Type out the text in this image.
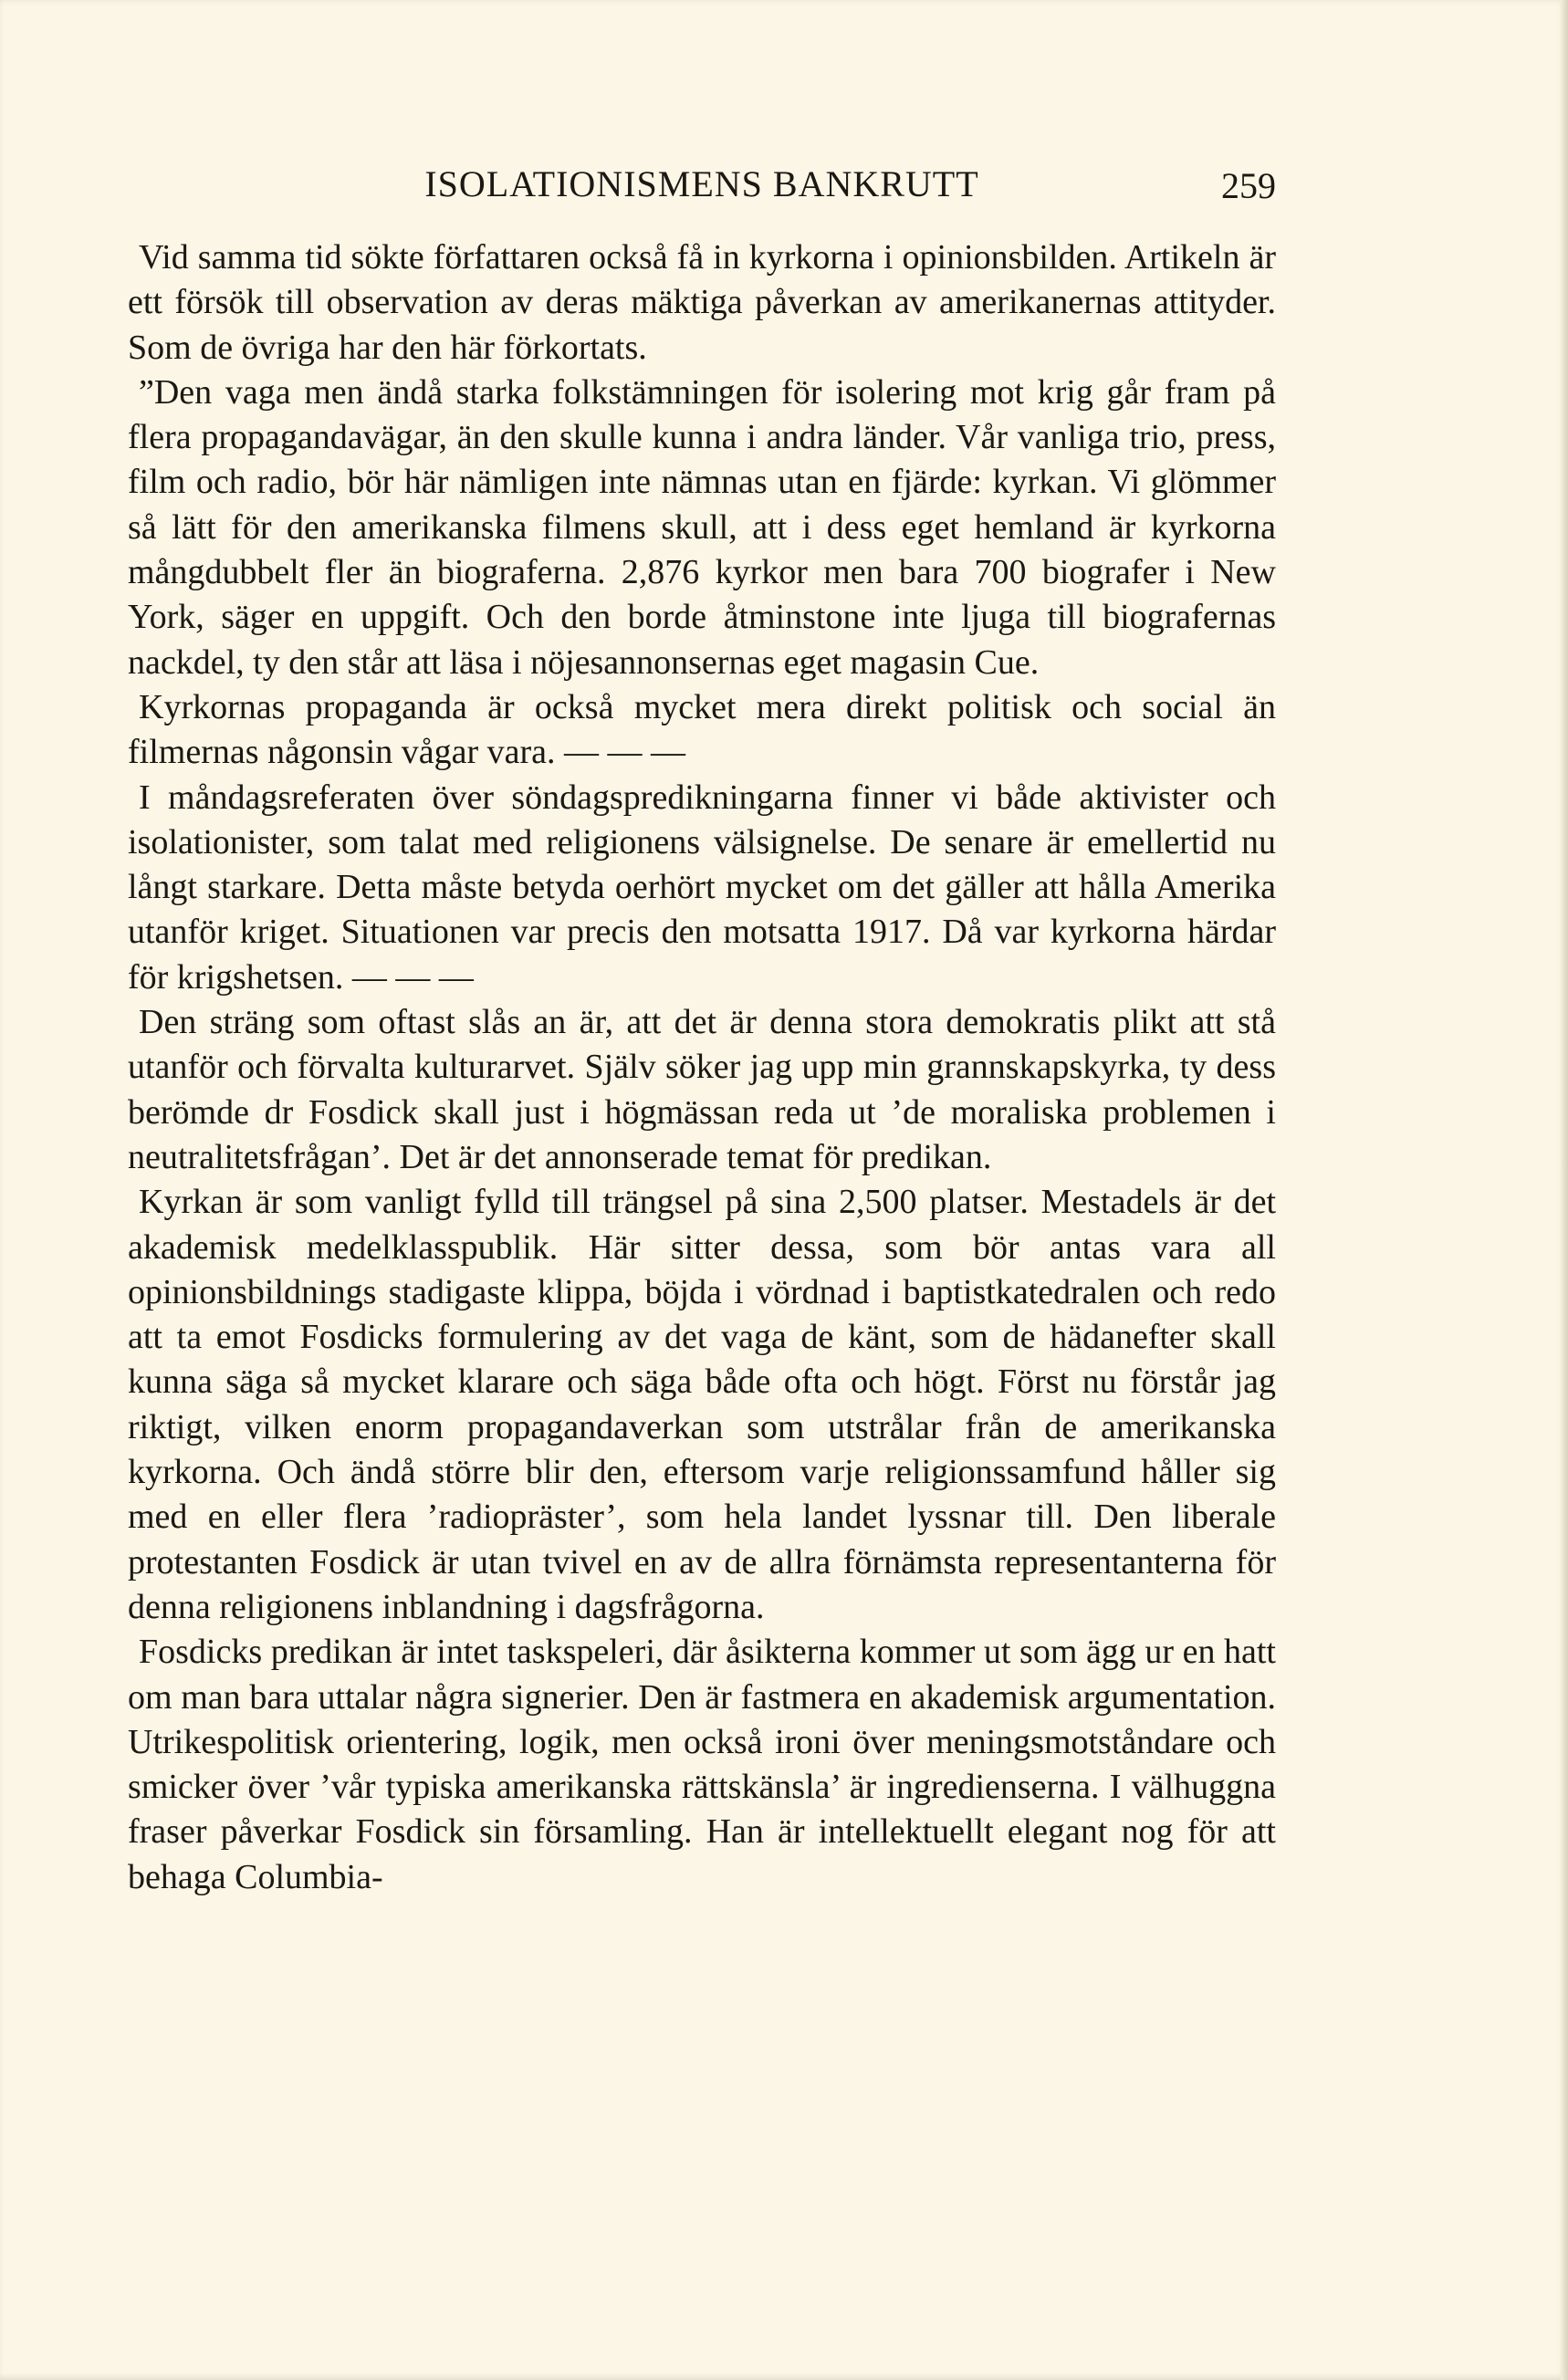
ISOLATIONISMENS BANKRUTT	259

Vid samma tid sökte författaren också få in kyrkorna i opinionsbilden. Artikeln är ett försök till observation av deras mäktiga påverkan av amerikanernas attityder. Som de övriga har den här förkortats.

”Den vaga men ändå starka folkstämningen för isolering mot krig går fram på flera propagandavägar, än den skulle kunna i andra länder. Vår vanliga trio, press, film och radio, bör här nämligen inte nämnas utan en fjärde: kyrkan. Vi glömmer så lätt för den amerikanska filmens skull, att i dess eget hemland är kyrkorna mångdubbelt fler än biograferna. 2,876 kyrkor men bara 700 biografer i New York, säger en uppgift. Och den borde åtminstone inte ljuga till biografernas nackdel, ty den står att läsa i nöjesannonsernas eget magasin Cue.

Kyrkornas propaganda är också mycket mera direkt politisk och social än filmernas någonsin vågar vara. — — —

I måndagsreferaten över söndagspredikningarna finner vi både aktivister och isolationister, som talat med religionens välsignelse. De senare är emellertid nu långt starkare. Detta måste betyda oerhört mycket om det gäller att hålla Amerika utanför kriget. Situationen var precis den motsatta 1917. Då var kyrkorna härdar för krigshetsen. — — —

Den sträng som oftast slås an är, att det är denna stora demokratis plikt att stå utanför och förvalta kulturarvet. Själv söker jag upp min grannskapskyrka, ty dess berömde dr Fosdick skall just i högmässan reda ut ’de moraliska problemen i neutralitetsfrågan’. Det är det annonserade temat för predikan.

Kyrkan är som vanligt fylld till trängsel på sina 2,500 platser. Mestadels är det akademisk medelklasspublik. Här sitter dessa, som bör antas vara all opinionsbildnings stadigaste klippa, böjda i vördnad i baptistkatedralen och redo att ta emot Fosdicks formulering av det vaga de känt, som de hädanefter skall kunna säga så mycket klarare och säga både ofta och högt. Först nu förstår jag riktigt, vilken enorm propagandaverkan som utstrålar från de amerikanska kyrkorna. Och ändå större blir den, eftersom varje religionssamfund håller sig med en eller flera ’radiopräster’, som hela landet lyssnar till. Den liberale protestanten Fosdick är utan tvivel en av de allra förnämsta representanterna för denna religionens inblandning i dagsfrågorna.

Fosdicks predikan är intet taskspeleri, där åsikterna kommer ut som ägg ur en hatt om man bara uttalar några signerier. Den är fastmera en akademisk argumentation. Utrikespolitisk orientering, logik, men också ironi över meningsmotståndare och smicker över ’vår typiska amerikanska rättskänsla’ är ingredienserna. I välhuggna fraser påverkar Fosdick sin församling. Han är intellektuellt elegant nog för att behaga Columbia-
